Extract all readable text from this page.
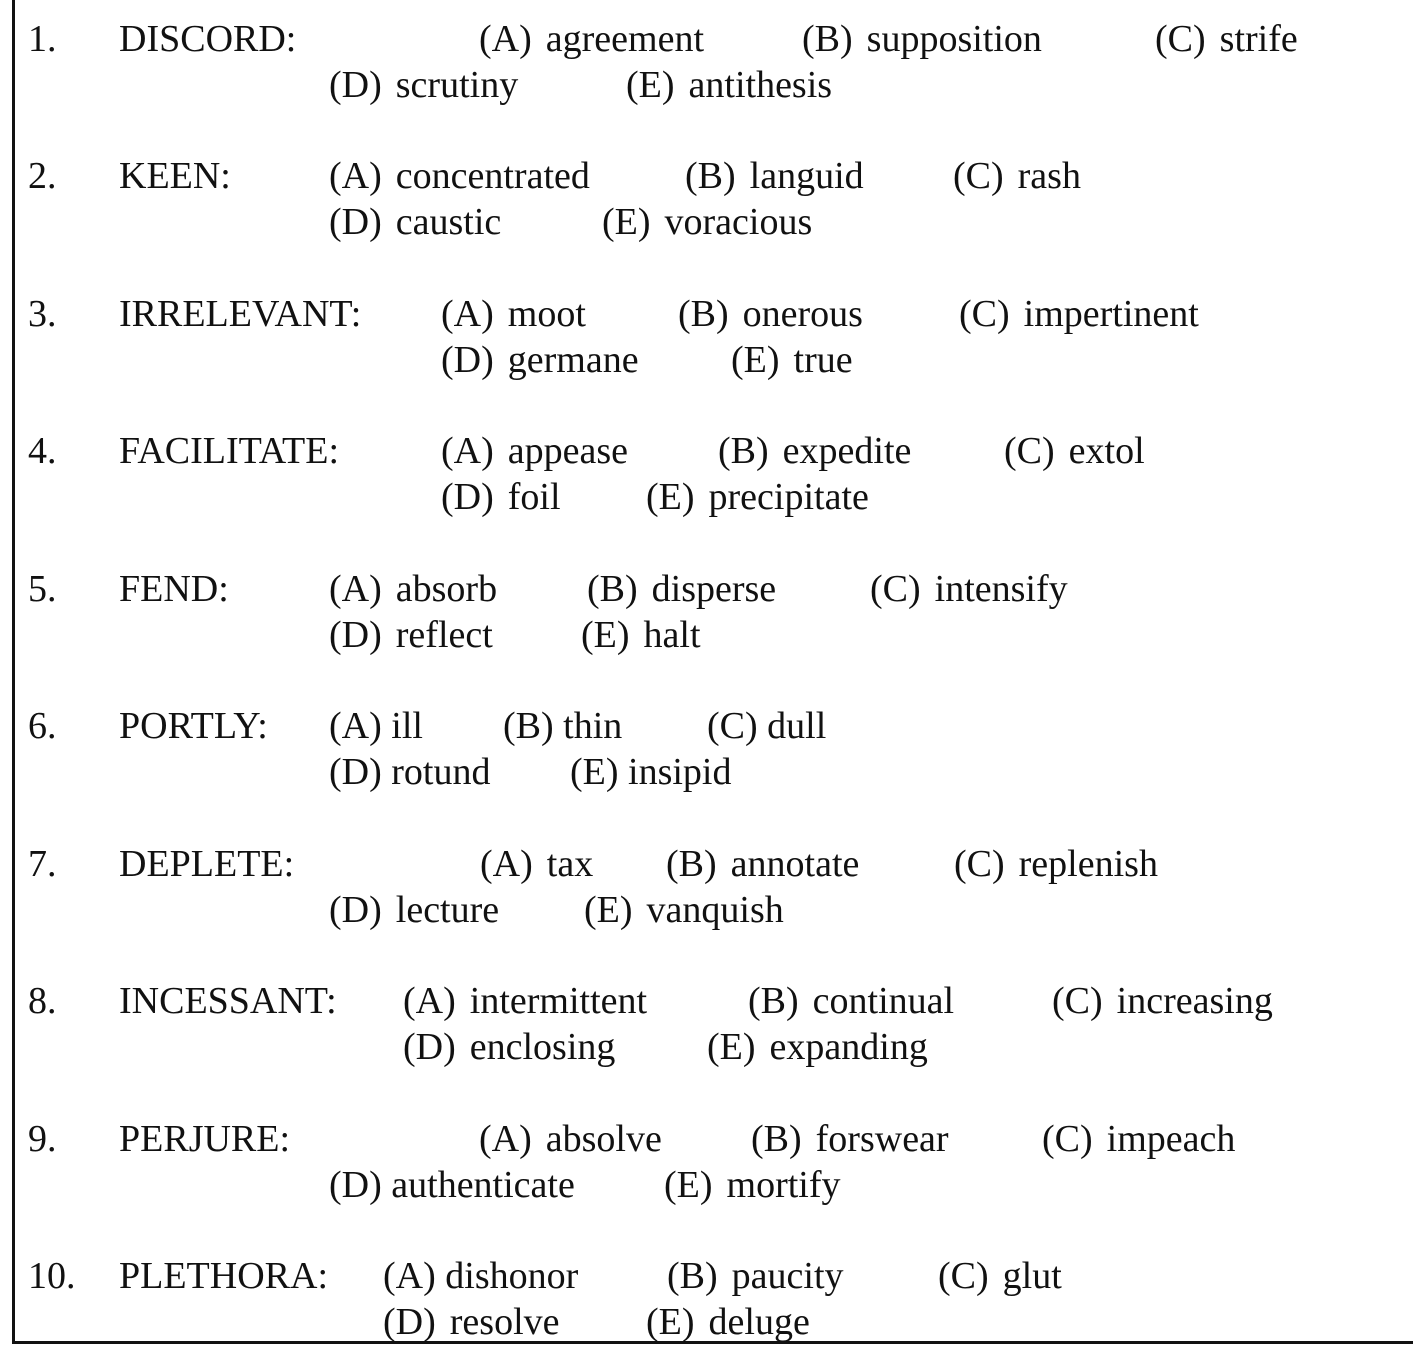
1. DISCORD:	(A) agreement	(B) supposition	(C) strife
(D) scrutiny	(E) antithesis
2. KEEN:	(A) concentrated	(B) languid (C) rash
(D) caustic	(E) voracious
3. IRRELEVANT: (A) moot (B) onerous	(C) impertinent
(D) germane (E) true
4. FACILITATE:	(A) appease (B) expedite (C) extol
(D) foil (E) precipitate
5. FEND:	(A) absorb (B) disperse (C) intensify
(D) reflect (E) halt
6. PORTLY: (A) ill (B) thin (C) dull
(D) rotund (E) insipid
7. DEPLETE:	(A) tax (B) annotate (C) replenish
(D) lecture (E) vanquish
8. INCESSANT: (A) intermittent	(B) continual	(C) increasing
(D) enclosing (E) expanding
9. PERJURE:	(A) absolve (B) forswear (C) impeach
(D) authenticate (E) mortify
10. PLETHORA: (A) dishonor (B) paucity (C) glut
(D) resolve (E) deluge
